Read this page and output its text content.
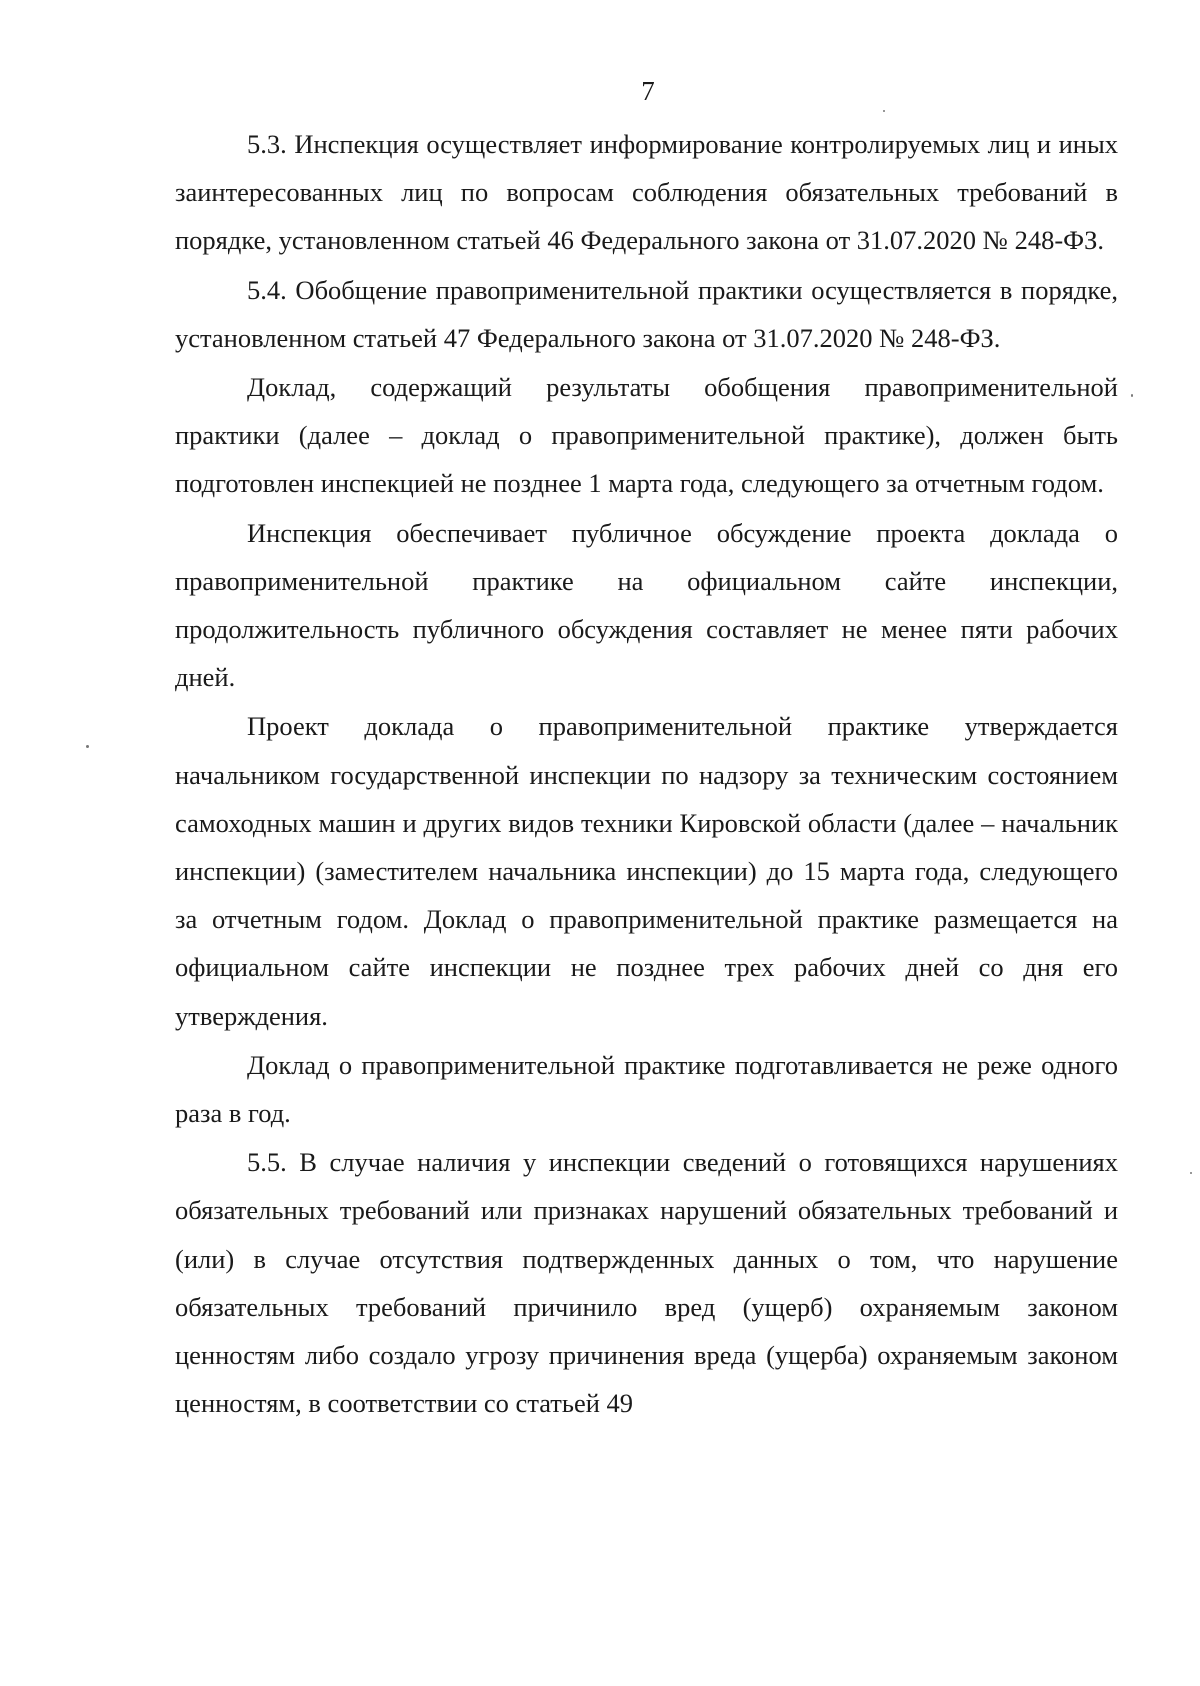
7

5.3. Инспекция осуществляет информирование контролируемых лиц и иных заинтересованных лиц по вопросам соблюдения обязательных требований в порядке, установленном статьей 46 Федерального закона от 31.07.2020 № 248-ФЗ.

5.4. Обобщение правоприменительной практики осуществляется в порядке, установленном статьей 47 Федерального закона от 31.07.2020 № 248-ФЗ.

Доклад, содержащий результаты обобщения правоприменительной практики (далее – доклад о правоприменительной практике), должен быть подготовлен инспекцией не позднее 1 марта года, следующего за отчетным годом.

Инспекция обеспечивает публичное обсуждение проекта доклада о правоприменительной практике на официальном сайте инспекции, продолжительность публичного обсуждения составляет не менее пяти рабочих дней.

Проект доклада о правоприменительной практике утверждается начальником государственной инспекции по надзору за техническим состоянием самоходных машин и других видов техники Кировской области (далее – начальник инспекции) (заместителем начальника инспекции) до 15 марта года, следующего за отчетным годом. Доклад о правоприменительной практике размещается на официальном сайте инспекции не позднее трех рабочих дней со дня его утверждения.

Доклад о правоприменительной практике подготавливается не реже одного раза в год.

5.5. В случае наличия у инспекции сведений о готовящихся нарушениях обязательных требований или признаках нарушений обязательных требований и (или) в случае отсутствия подтвержденных данных о том, что нарушение обязательных требований причинило вред (ущерб) охраняемым законом ценностям либо создало угрозу причинения вреда (ущерба) охраняемым законом ценностям, в соответствии со статьей 49
